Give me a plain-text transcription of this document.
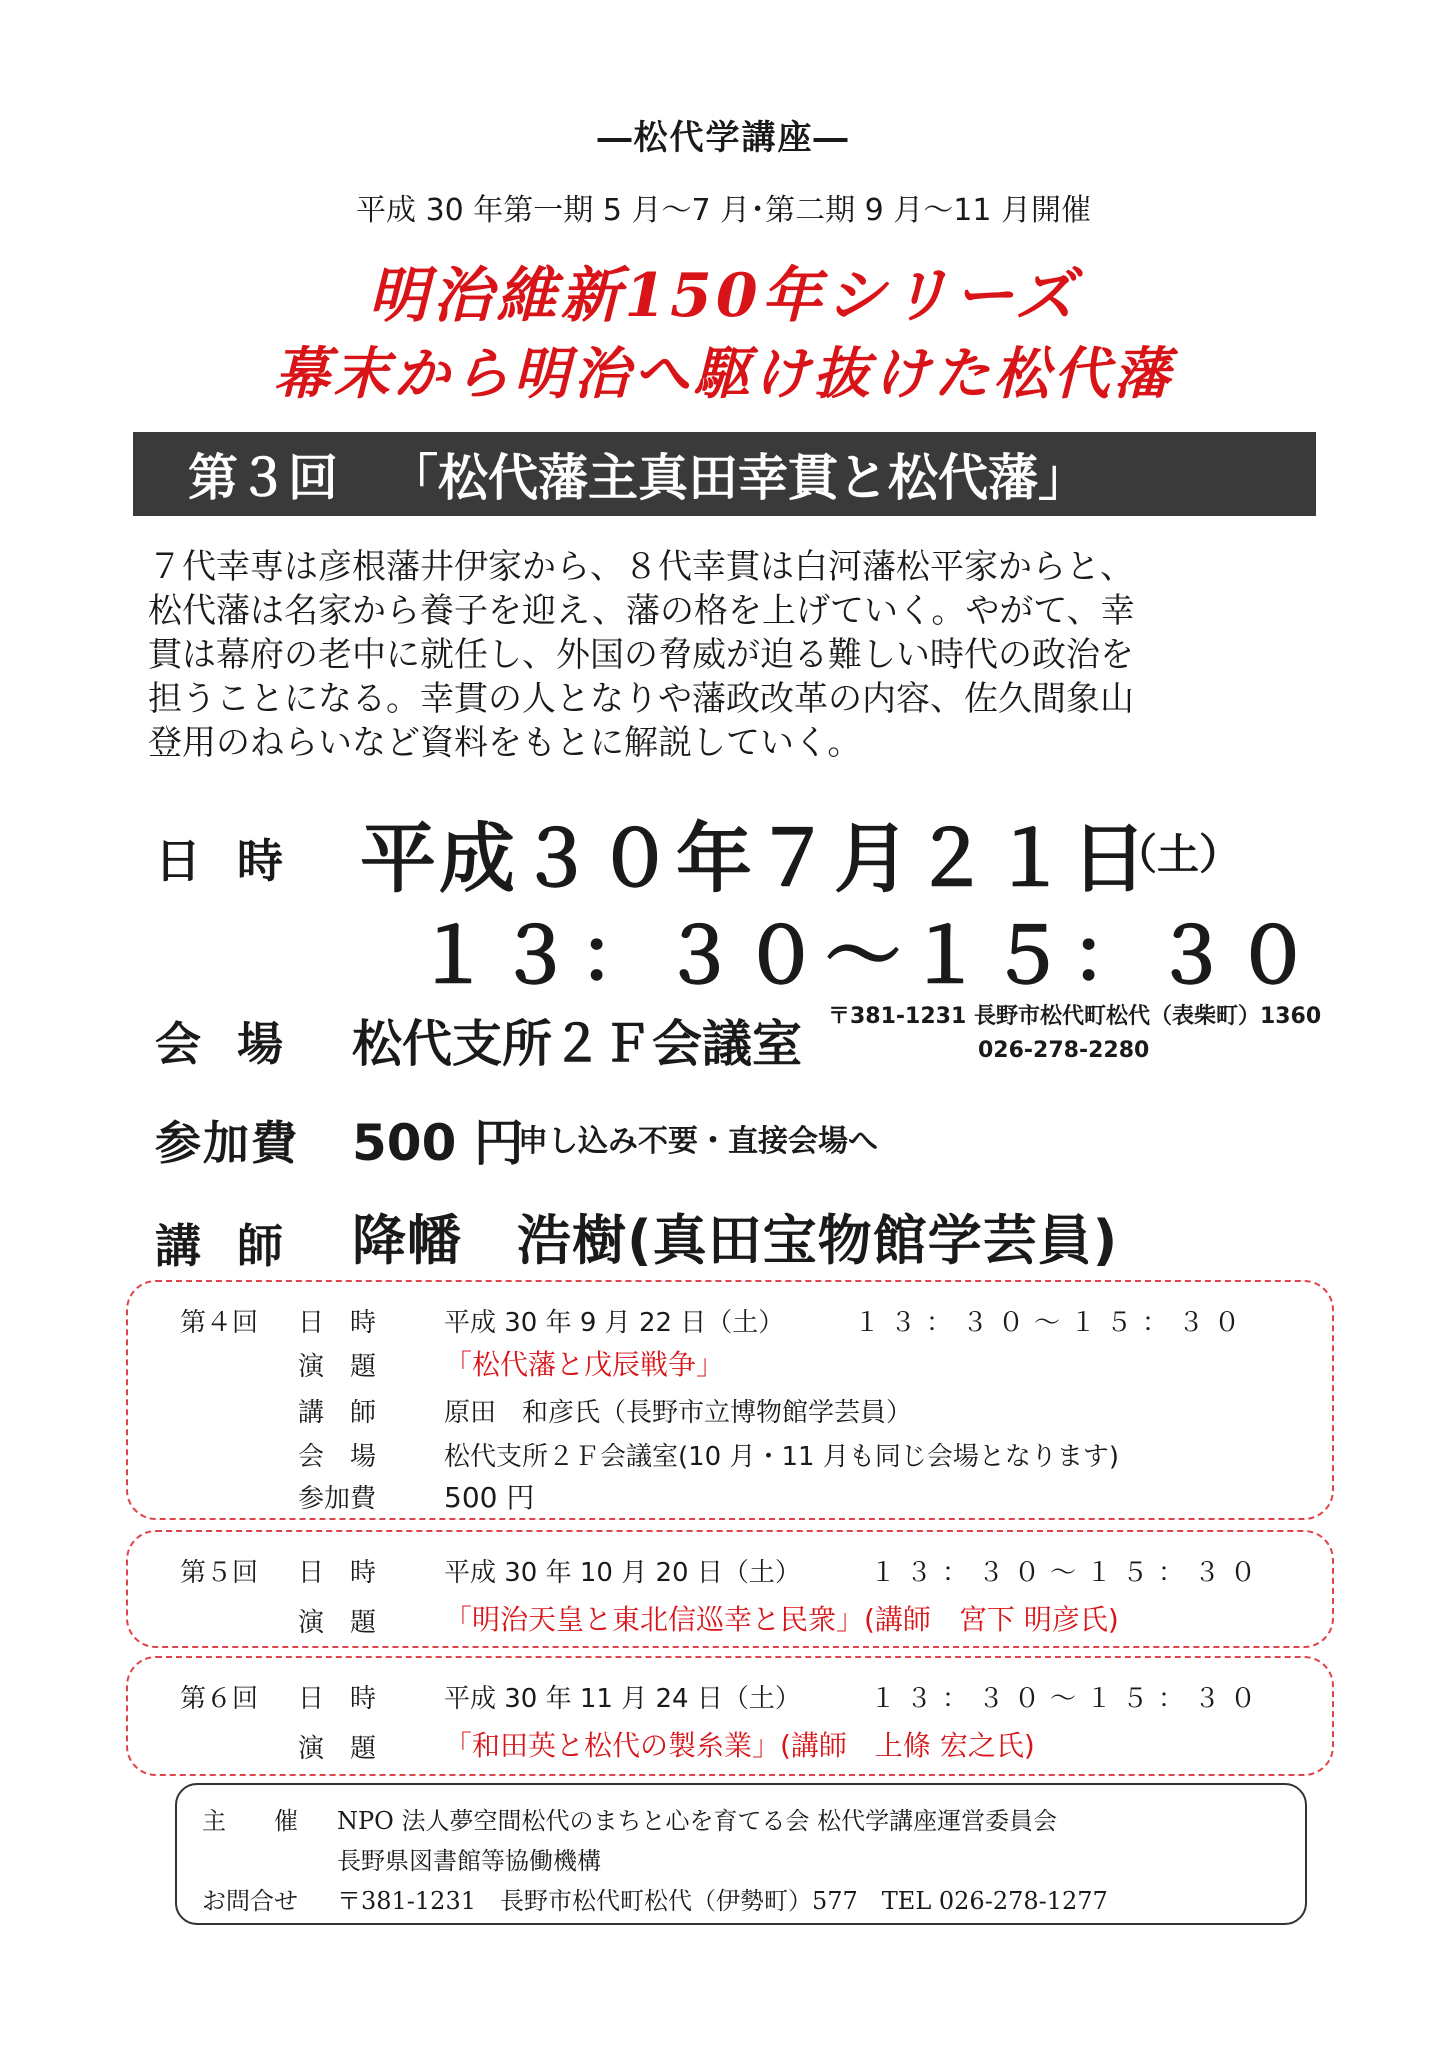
―松代学講座―
平成 30 年第一期 5 月～7 月･第二期 9 月～11 月開催
明治維新150年シリーズ
幕末から明治へ駆け抜けた松代藩
第３回 「松代藩主真田幸貫と松代藩」
７代幸専は彦根藩井伊家から、８代幸貫は白河藩松平家からと、
松代藩は名家から養子を迎え、藩の格を上げていく。やがて、幸
貫は幕府の老中に就任し、外国の脅威が迫る難しい時代の政治を
担うことになる。幸貫の人となりや藩政改革の内容、佐久間象山
登用のねらいなど資料をもとに解説していく。
日 時 平成３０年７月２１日
（土）
１３：３０～１５：３０
会 場 松代支所２Ｆ会議室 〒381-1231 長野市松代町松代（表柴町）1360
026-278-2280
参加費 500 円
申し込み不要・直接会場へ
講 師 降幡　浩樹(真田宝物館学芸員)
第４回 日　時	平成 30 年 9 月 22 日（土）	１３：３０～１５：３０
演　題 「松代藩と戊辰戦争」
講　師	原田　和彦氏（長野市立博物館学芸員）
会　場	松代支所２Ｆ会議室(10 月・11 月も同じ会場となります)
参加費 500 円
第５回 日　時	平成 30 年 10 月 20 日（土）	１３：３０～１５：３０
演　題 「明治天皇と東北信巡幸と民衆」(講師　宮下 明彦氏)
第６回 日　時	平成 30 年 11 月 24 日（土）	１３：３０～１５：３０
演　題 「和田英と松代の製糸業」(講師　上條 宏之氏)
主　　催 NPO 法人夢空間松代のまちと心を育てる会 松代学講座運営委員会
長野県図書館等協働機構
お問合せ 〒381-1231　長野市松代町松代（伊勢町）577　TEL 026-278-1277
